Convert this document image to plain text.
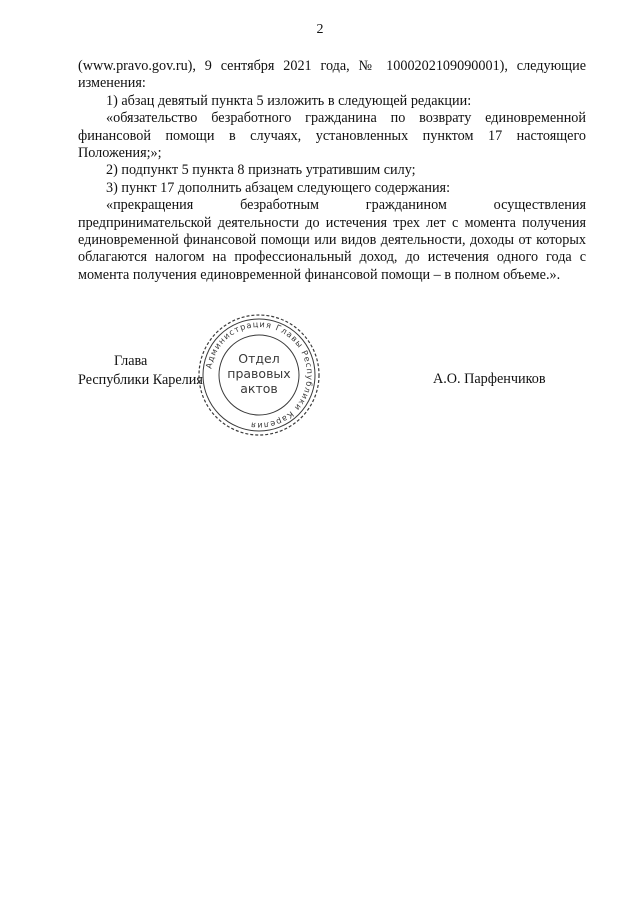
2

(www.pravo.gov.ru), 9 сентября 2021 года, № 1000202109090001), следующие изменения:

1) абзац девятый пункта 5 изложить в следующей редакции:

«обязательство безработного гражданина по возврату единовременной финансовой помощи в случаях, установленных пунктом 17 настоящего Положения;»;

2) подпункт 5 пункта 8 признать утратившим силу;

3) пункт 17 дополнить абзацем следующего содержания:

«прекращения безработным гражданином осуществления предпринимательской деятельности до истечения трех лет с момента получения единовременной финансовой помощи или видов деятельности, доходы от которых облагаются налогом на профессиональный доход, до истечения одного года с момента получения единовременной финансовой помощи – в полном объеме.».

Глава
Республики Карелия	А.О. Парфенчиков
Администрация Главы Республики Карелия
Отдел
правовых
актов
